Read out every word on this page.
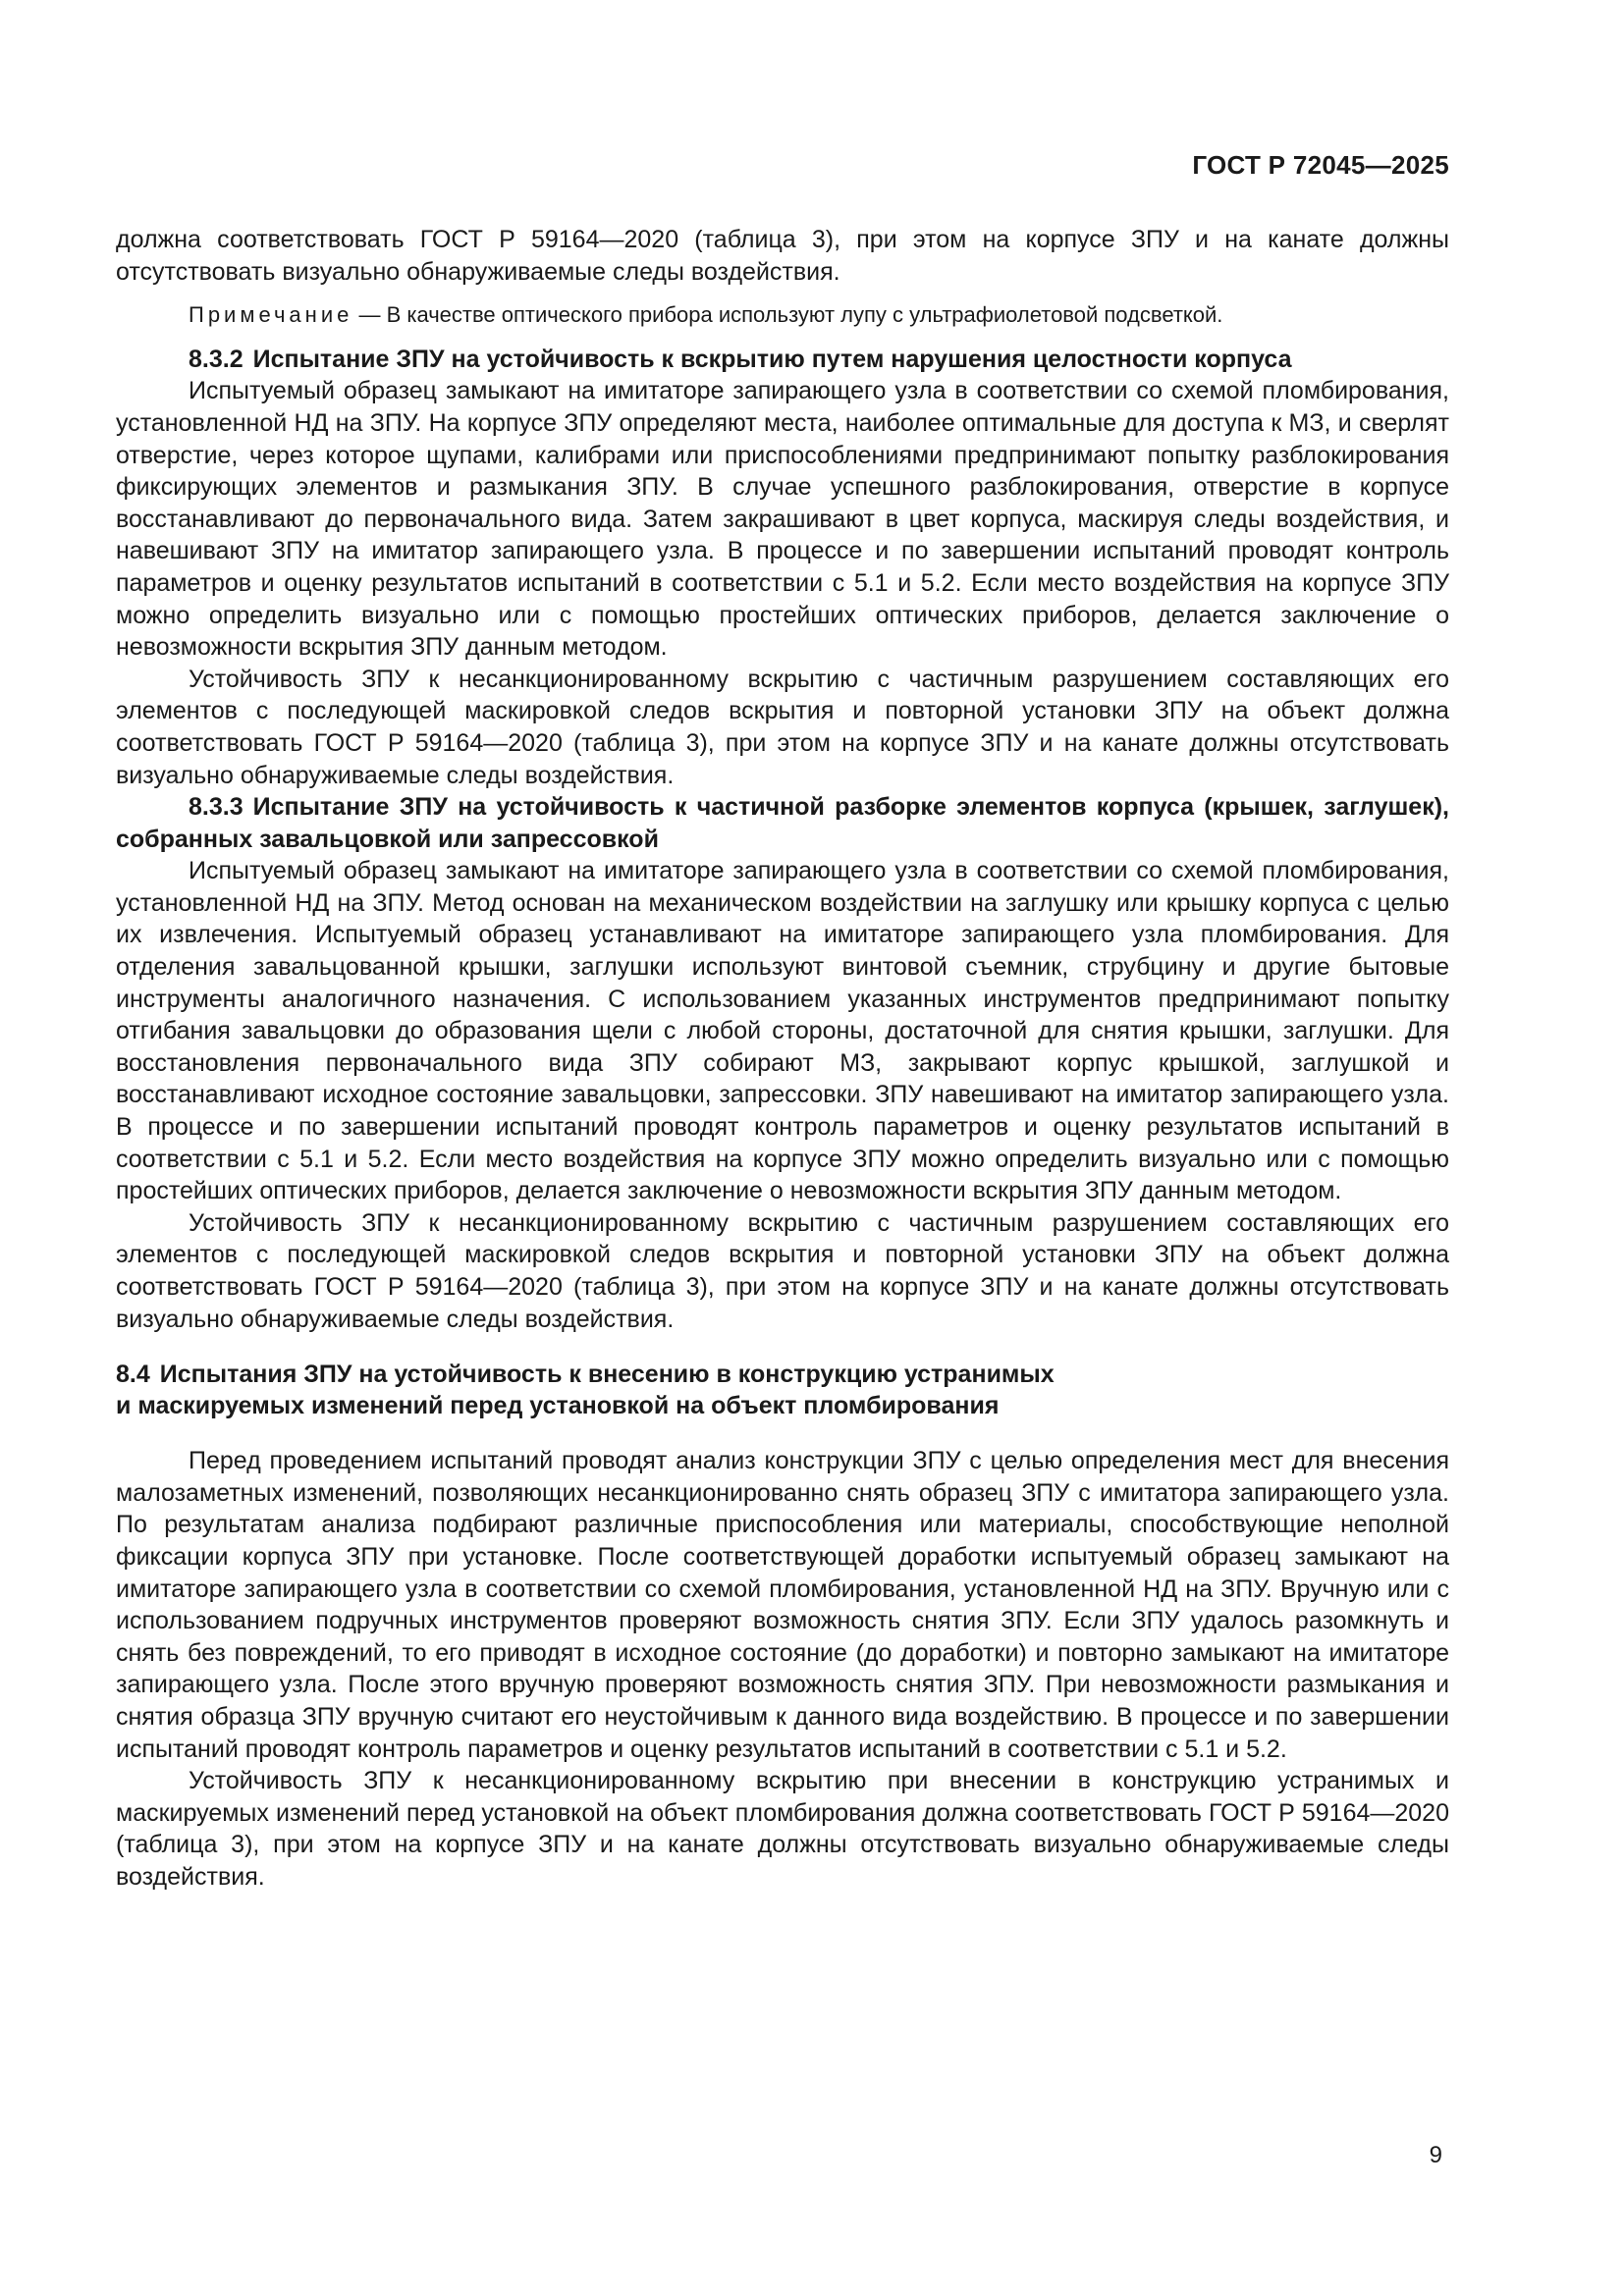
ГОСТ Р 72045—2025

должна соответствовать ГОСТ Р 59164—2020 (таблица 3), при этом на корпусе ЗПУ и на канате должны отсутствовать визуально обнаруживаемые следы воздействия.

Примечание — В качестве оптического прибора используют лупу с ультрафиолетовой подсветкой.

8.3.2 Испытание ЗПУ на устойчивость к вскрытию путем нарушения целостности корпуса

Испытуемый образец замыкают на имитаторе запирающего узла в соответствии со схемой пломбирования, установленной НД на ЗПУ. На корпусе ЗПУ определяют места, наиболее оптимальные для доступа к МЗ, и сверлят отверстие, через которое щупами, калибрами или приспособлениями предпринимают попытку разблокирования фиксирующих элементов и размыкания ЗПУ. В случае успешного разблокирования, отверстие в корпусе восстанавливают до первоначального вида. Затем закрашивают в цвет корпуса, маскируя следы воздействия, и навешивают ЗПУ на имитатор запирающего узла. В процессе и по завершении испытаний проводят контроль параметров и оценку результатов испытаний в соответствии с 5.1 и 5.2. Если место воздействия на корпусе ЗПУ можно определить визуально или с помощью простейших оптических приборов, делается заключение о невозможности вскрытия ЗПУ данным методом.

Устойчивость ЗПУ к несанкционированному вскрытию с частичным разрушением составляющих его элементов с последующей маскировкой следов вскрытия и повторной установки ЗПУ на объект должна соответствовать ГОСТ Р 59164—2020 (таблица 3), при этом на корпусе ЗПУ и на канате должны отсутствовать визуально обнаруживаемые следы воздействия.

8.3.3 Испытание ЗПУ на устойчивость к частичной разборке элементов корпуса (крышек, заглушек), собранных завальцовкой или запрессовкой

Испытуемый образец замыкают на имитаторе запирающего узла в соответствии со схемой пломбирования, установленной НД на ЗПУ. Метод основан на механическом воздействии на заглушку или крышку корпуса с целью их извлечения. Испытуемый образец устанавливают на имитаторе запирающего узла пломбирования. Для отделения завальцованной крышки, заглушки используют винтовой съемник, струбцину и другие бытовые инструменты аналогичного назначения. С использованием указанных инструментов предпринимают попытку отгибания завальцовки до образования щели с любой стороны, достаточной для снятия крышки, заглушки. Для восстановления первоначального вида ЗПУ собирают МЗ, закрывают корпус крышкой, заглушкой и восстанавливают исходное состояние завальцовки, запрессовки. ЗПУ навешивают на имитатор запирающего узла. В процессе и по завершении испытаний проводят контроль параметров и оценку результатов испытаний в соответствии с 5.1 и 5.2. Если место воздействия на корпусе ЗПУ можно определить визуально или с помощью простейших оптических приборов, делается заключение о невозможности вскрытия ЗПУ данным методом.

Устойчивость ЗПУ к несанкционированному вскрытию с частичным разрушением составляющих его элементов с последующей маскировкой следов вскрытия и повторной установки ЗПУ на объект должна соответствовать ГОСТ Р 59164—2020 (таблица 3), при этом на корпусе ЗПУ и на канате должны отсутствовать визуально обнаруживаемые следы воздействия.

8.4 Испытания ЗПУ на устойчивость к внесению в конструкцию устранимых
и маскируемых изменений перед установкой на объект пломбирования

Перед проведением испытаний проводят анализ конструкции ЗПУ с целью определения мест для внесения малозаметных изменений, позволяющих несанкционированно снять образец ЗПУ с имитатора запирающего узла. По результатам анализа подбирают различные приспособления или материалы, способствующие неполной фиксации корпуса ЗПУ при установке. После соответствующей доработки испытуемый образец замыкают на имитаторе запирающего узла в соответствии со схемой пломбирования, установленной НД на ЗПУ. Вручную или с использованием подручных инструментов проверяют возможность снятия ЗПУ. Если ЗПУ удалось разомкнуть и снять без повреждений, то его приводят в исходное состояние (до доработки) и повторно замыкают на имитаторе запирающего узла. После этого вручную проверяют возможность снятия ЗПУ. При невозможности размыкания и снятия образца ЗПУ вручную считают его неустойчивым к данного вида воздействию. В процессе и по завершении испытаний проводят контроль параметров и оценку результатов испытаний в соответствии с 5.1 и 5.2.

Устойчивость ЗПУ к несанкционированному вскрытию при внесении в конструкцию устранимых и маскируемых изменений перед установкой на объект пломбирования должна соответствовать ГОСТ Р 59164—2020 (таблица 3), при этом на корпусе ЗПУ и на канате должны отсутствовать визуально обнаруживаемые следы воздействия.

9
